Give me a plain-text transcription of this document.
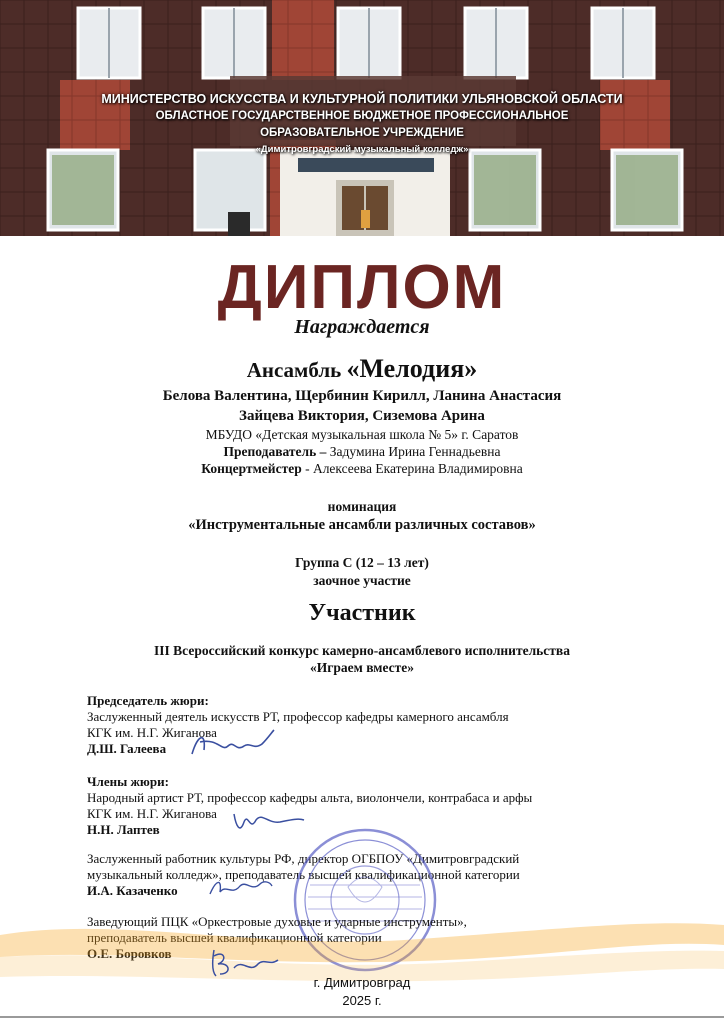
МИНИСТЕРСТВО ИСКУССТВА И КУЛЬТУРНОЙ ПОЛИТИКИ УЛЬЯНОВСКОЙ ОБЛАСТИ
ОБЛАСТНОЕ ГОСУДАРСТВЕННОЕ БЮДЖЕТНОЕ ПРОФЕССИОНАЛЬНОЕ
ОБРАЗОВАТЕЛЬНОЕ УЧРЕЖДЕНИЕ
«Димитровградский музыкальный колледж»
ДИПЛОМ
Награждается
Ансамбль «Мелодия»
Белова Валентина, Щербинин Кирилл, Ланина Анастасия
Зайцева Виктория, Сиземова Арина
МБУДО «Детская музыкальная школа № 5» г. Саратов
Преподаватель – Задумина Ирина Геннадьевна
Концертмейстер - Алексеева Екатерина Владимировна
номинация
«Инструментальные ансамбли различных составов»
Группа С (12 – 13 лет)
заочное участие
Участник
III Всероссийский конкурс камерно-ансамблевого исполнительства
«Играем вместе»
Председатель жюри:
Заслуженный деятель искусств РТ, профессор кафедры камерного ансамбля
КГК им. Н.Г. Жиганова
Д.Ш. Галеева
Члены жюри:
Народный артист РТ, профессор кафедры альта, виолончели, контрабаса и арфы
КГК им. Н.Г. Жиганова
Н.Н. Лаптев
Заслуженный работник культуры РФ, директор ОГБПОУ «Димитровградский
музыкальный колледж», преподаватель высшей квалификационной категории
И.А. Казаченко
Заведующий ПЦК «Оркестровые духовые и ударные инструменты»,
преподаватель высшей квалификационной категории
О.Е. Боровков
г. Димитровград
2025 г.
